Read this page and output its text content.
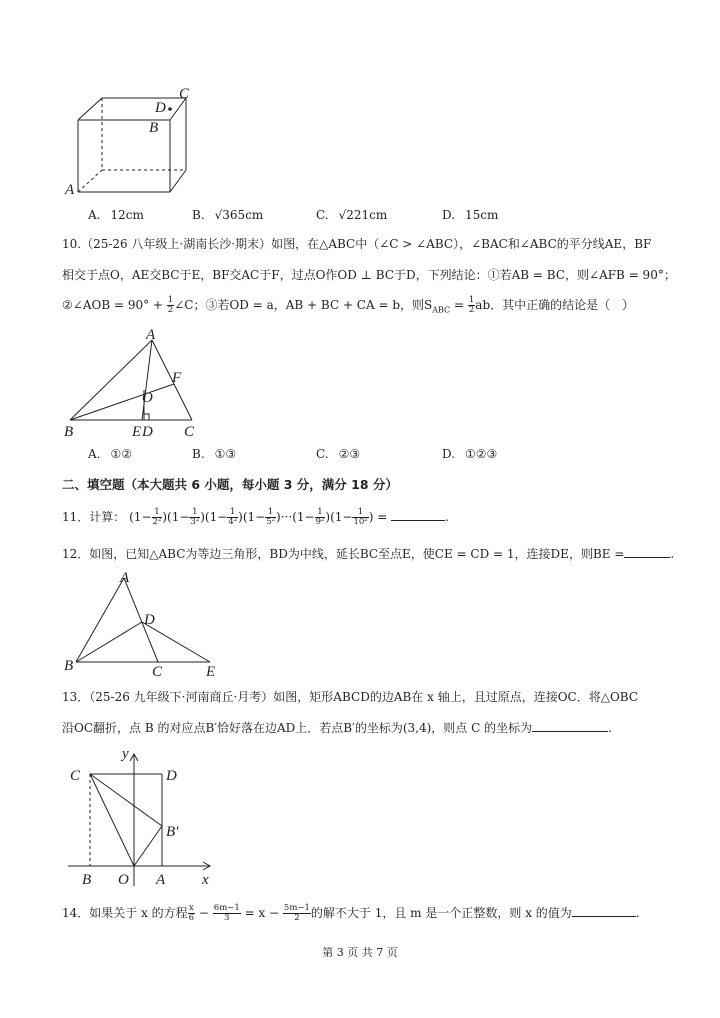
C
D
B
A
A. 12cm	B. √365cm	C. √221cm	D. 15cm
10.（25-26 八年级上·湖南长沙·期末）如图，在△ABC中（∠C > ∠ABC），∠BAC和∠ABC的平分线AE，BF
相交于点O，AE交BC于E，BF交AC于F，过点O作OD ⊥ BC于D，下列结论：①若AB = BC，则∠AFB = 90°；
②∠AOB = $90^\circ + \frac{1}{2}$ ∠C；③若OD = a，AB + BC + CA = b，则$S_{ABC} = \frac{1}{2}$ ab．其中正确的结论是（　）
A
F
O
B	E D C
A. ①②	B. ①③	C. ②③	D. ①②③
二、填空题（本大题共 6 小题，每小题 3 分，满分 18 分）
11．计算： $(1- \frac{1}{\text{2²}} )(1- \frac{1}{\text{3²}} )(1- \frac{1}{\text{4²}} )(1- \frac{1}{\text{5²}} )\cdot\cdot\cdot(1- \frac{1}{\text{9²}} )(1- \frac{1}{\text{10²}}$ ) =	.
12．如图，已知△ABC为等边三角形，BD为中线，延长BC至点E，使CE = CD = 1，连接DE，则BE =	.
A
D
B	C	E
13．（25-26 九年级下·河南商丘·月考）如图，矩形ABCD的边AB在 x 轴上，且过原点，连接OC．将△OBC
沿OC翻折，点 B 的对应点B′恰好落在边AD上．若点B′的坐标为(3,4)，则点 C 的坐标为	.
y
C	D
B′
B O A x
14．如果关于 x 的方程 $\frac{x}{6} - \frac{6m-1}{3} = x - \frac{5m-1}{2}$ 的解不大于 1，且 m 是一个正整数，则 x 的值为	.
第 3 页 共 7 页
